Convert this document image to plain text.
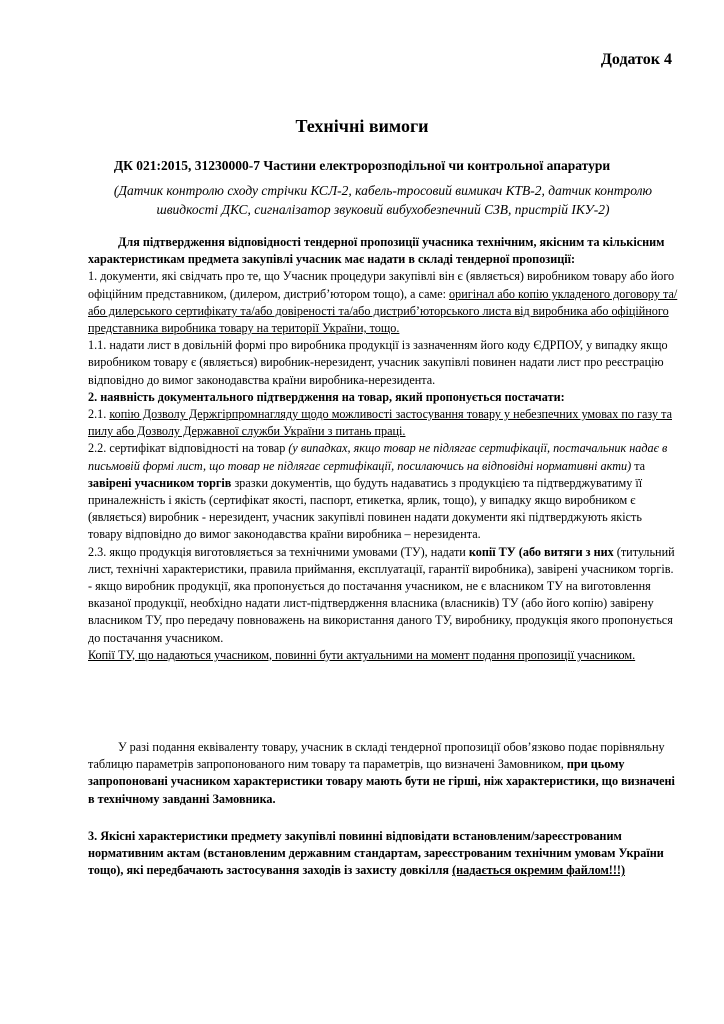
Додаток 4
Технічні вимоги
ДК 021:2015, 31230000-7 Частини електророзподільної чи контрольної апаратури
(Датчик контролю сходу стрічки КСЛ-2, кабель-тросовий вимикач КТВ-2, датчик контролю швидкості ДКС, сигналізатор звуковий вибухобезпечний СЗВ, пристрій ІКУ-2)

Для підтвердження відповідності тендерної пропозиції учасника технічним, якісним та кількісним характеристикам предмета закупівлі учасник має надати в складі тендерної пропозиції:

1. документи, які свідчать про те, що Учасник процедури закупівлі він є (являється) виробником товару або його офіційним представником, (дилером, дистриб’ютором тощо), а саме: оригінал або копію укладеного договору та/або дилерського сертифікату та/або довіреності та/або дистриб’юторського листа від виробника або офіційного представника виробника товару на території України, тощо.

1.1. надати лист в довільній формі про виробника продукції із зазначенням його коду ЄДРПОУ, у випадку якщо виробником товару є (являється) виробник-нерезидент, учасник закупівлі повинен надати лист про реєстрацію відповідно до вимог законодавства країни виробника-нерезидента.

2. наявність документального підтвердження на товар, який пропонується постачати:

2.1. копію Дозволу Держгірпромнагляду щодо можливості застосування товару у небезпечних умовах по газу та пилу або Дозволу Державної служби України з питань праці.

2.2. сертифікат відповідності на товар (у випадках, якщо товар не підлягає сертифікації, постачальник надає в письмовій формі лист, що товар не підлягає сертифікації, посилаючись на відповідні нормативні акти) та завірені учасником торгів зразки документів, що будуть надаватись з продукцією та підтверджуватиму її приналежність і якість (сертифікат якості, паспорт, етикетка, ярлик, тощо), у випадку якщо виробником є (являється) виробник - нерезидент, учасник закупівлі повинен надати документи які підтверджують якість товару відповідно до вимог законодавства країни виробника – нерезидента.

2.3. якщо продукція виготовляється за технічними умовами (ТУ), надати копії ТУ (або витяги з них (титульний лист, технічні характеристики, правила приймання, експлуатації, гарантії виробника), завірені учасником торгів.

- якщо виробник продукції, яка пропонується до постачання учасником, не є власником ТУ на виготовлення вказаної продукції, необхідно надати лист-підтвердження власника (власників) ТУ (або його копію) завірену власником ТУ, про передачу повноважень на використання даного ТУ, виробнику, продукція якого пропонується до постачання учасником.

Копії ТУ, що надаються учасником, повинні бути актуальними на момент подання пропозиції учасником.

У разі подання еквіваленту товару, учасник в складі тендерної пропозиції обов’язково подає порівняльну таблицю параметрів запропонованого ним товару та параметрів, що визначені Замовником, при цьому запропоновані учасником характеристики товару мають бути не гірші, ніж характеристики, що визначені в технічному завданні Замовника.

3. Якісні характеристики предмету закупівлі повинні відповідати встановленим/зареєстрованим нормативним актам (встановленим державним стандартам, зареєстрованим технічним умовам України тощо), які передбачають застосування заходів із захисту довкілля (надається окремим файлом!!!)
